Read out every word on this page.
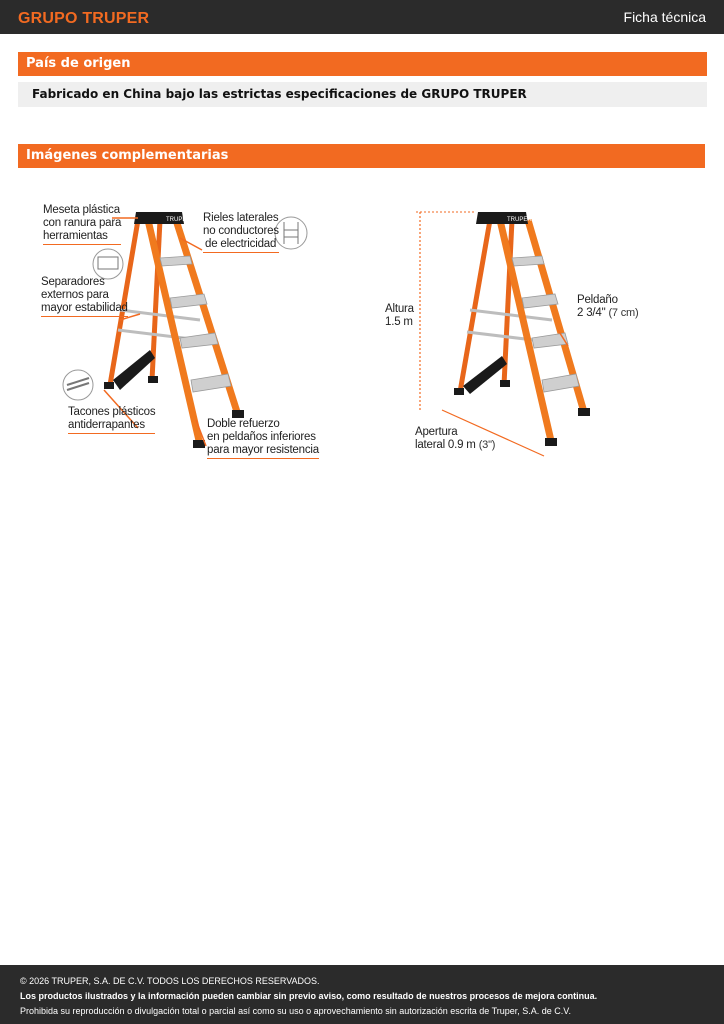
GRUPO TRUPER	Ficha técnica
País de origen
Fabricado en China bajo las estrictas especificaciones de GRUPO TRUPER
Imágenes complementarias
TRUPER	TRUPER
Meseta plástica
con ranura para
herramientas
Rieles laterales
no conductores
de electricidad
Separadores
externos para
mayor estabilidad
Tacones plásticos
antiderrapantes	Doble refuerzo
en peldaños inferiores
para mayor resistencia
Altura
1.5 m
Peldaño
2 3/4" (7 cm)
Apertura
lateral 0.9 m (3")
© 2026 TRUPER, S.A. DE C.V. TODOS LOS DERECHOS RESERVADOS.
Los productos ilustrados y la información pueden cambiar sin previo aviso, como resultado de nuestros procesos de mejora continua.
Prohibida su reproducción o divulgación total o parcial así como su uso o aprovechamiento sin autorización escrita de Truper, S.A. de C.V.
